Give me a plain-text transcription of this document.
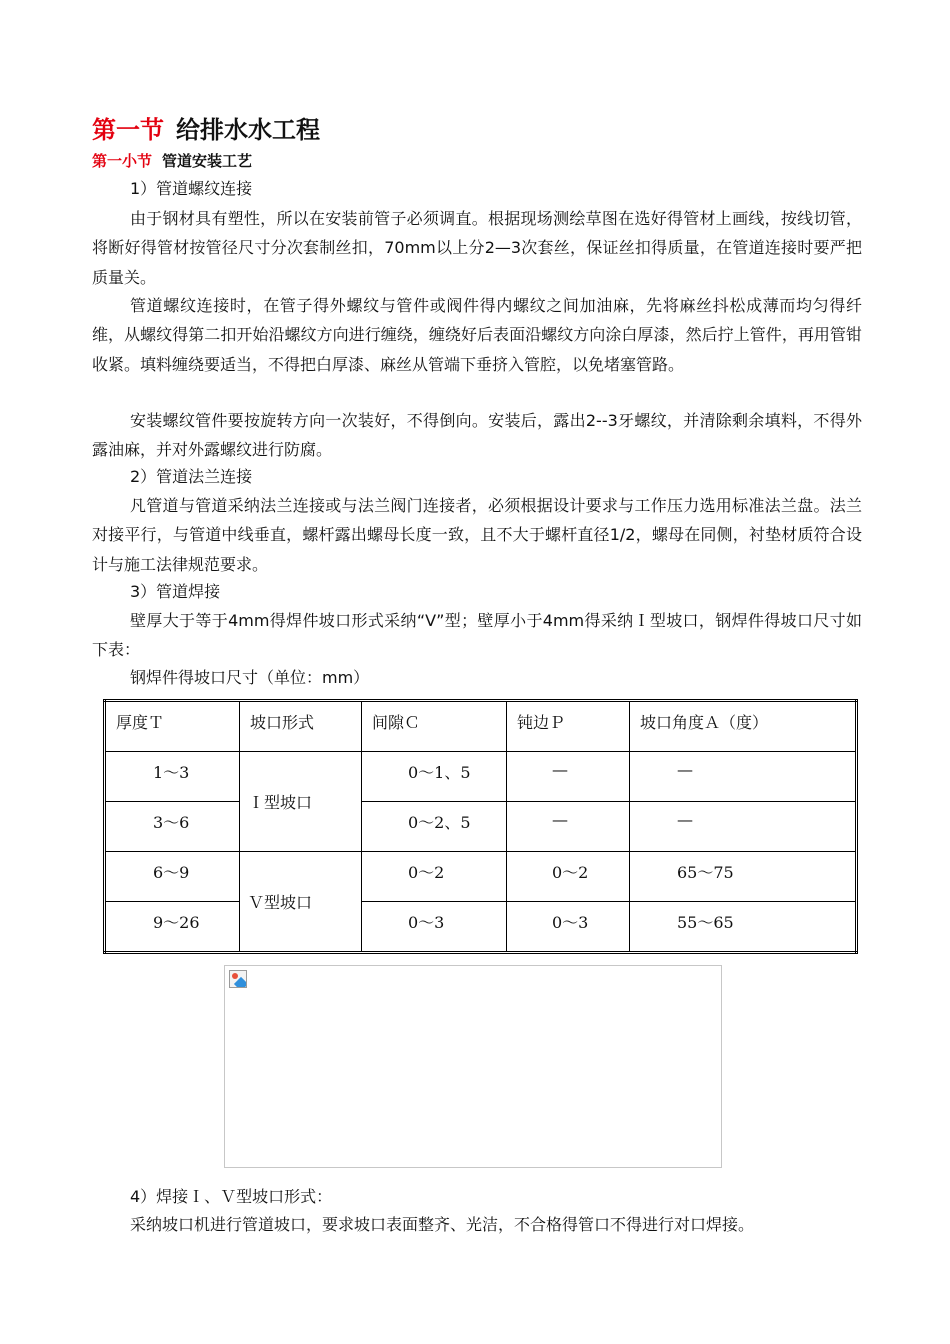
第一节 给排水水工程
第一小节 管道安装工艺
1）管道螺纹连接
由于钢材具有塑性，所以在安装前管子必须调直。根据现场测绘草图在选好得管材上画线，按线切管，将断好得管材按管径尺寸分次套制丝扣，70mm以上分2—3次套丝，保证丝扣得质量，在管道连接时要严把质量关。
管道螺纹连接时，在管子得外螺纹与管件或阀件得内螺纹之间加油麻，先将麻丝抖松成薄而均匀得纤维，从螺纹得第二扣开始沿螺纹方向进行缠绕，缠绕好后表面沿螺纹方向涂白厚漆，然后拧上管件，再用管钳收紧。填料缠绕要适当，不得把白厚漆、麻丝从管端下垂挤入管腔，以免堵塞管路。
安装螺纹管件要按旋转方向一次装好，不得倒向。安装后，露出2--3牙螺纹，并清除剩余填料，不得外露油麻，并对外露螺纹进行防腐。
2）管道法兰连接
凡管道与管道采纳法兰连接或与法兰阀门连接者，必须根据设计要求与工作压力选用标准法兰盘。法兰对接平行，与管道中线垂直，螺杆露出螺母长度一致，且不大于螺杆直径1/2，螺母在同侧，衬垫材质符合设计与施工法律规范要求。
3）管道焊接
壁厚大于等于4mm得焊件坡口形式采纳“V”型；壁厚小于4mm得采纳Ｉ型坡口，钢焊件得坡口尺寸如下表：
钢焊件得坡口尺寸（单位：mm）
厚度Ｔ	坡口形式	间隙Ｃ	钝边Ｐ	坡口角度Ａ（度）

1～3	Ｉ型坡口	0～1、5	—	—

3～6		0～2、5	—	—

6～9	Ｖ型坡口	0～2	0～2	65～75

9～26		0～3	0～3	55～65
4）焊接Ｉ、Ｖ型坡口形式：
采纳坡口机进行管道坡口，要求坡口表面整齐、光洁，不合格得管口不得进行对口焊接。
